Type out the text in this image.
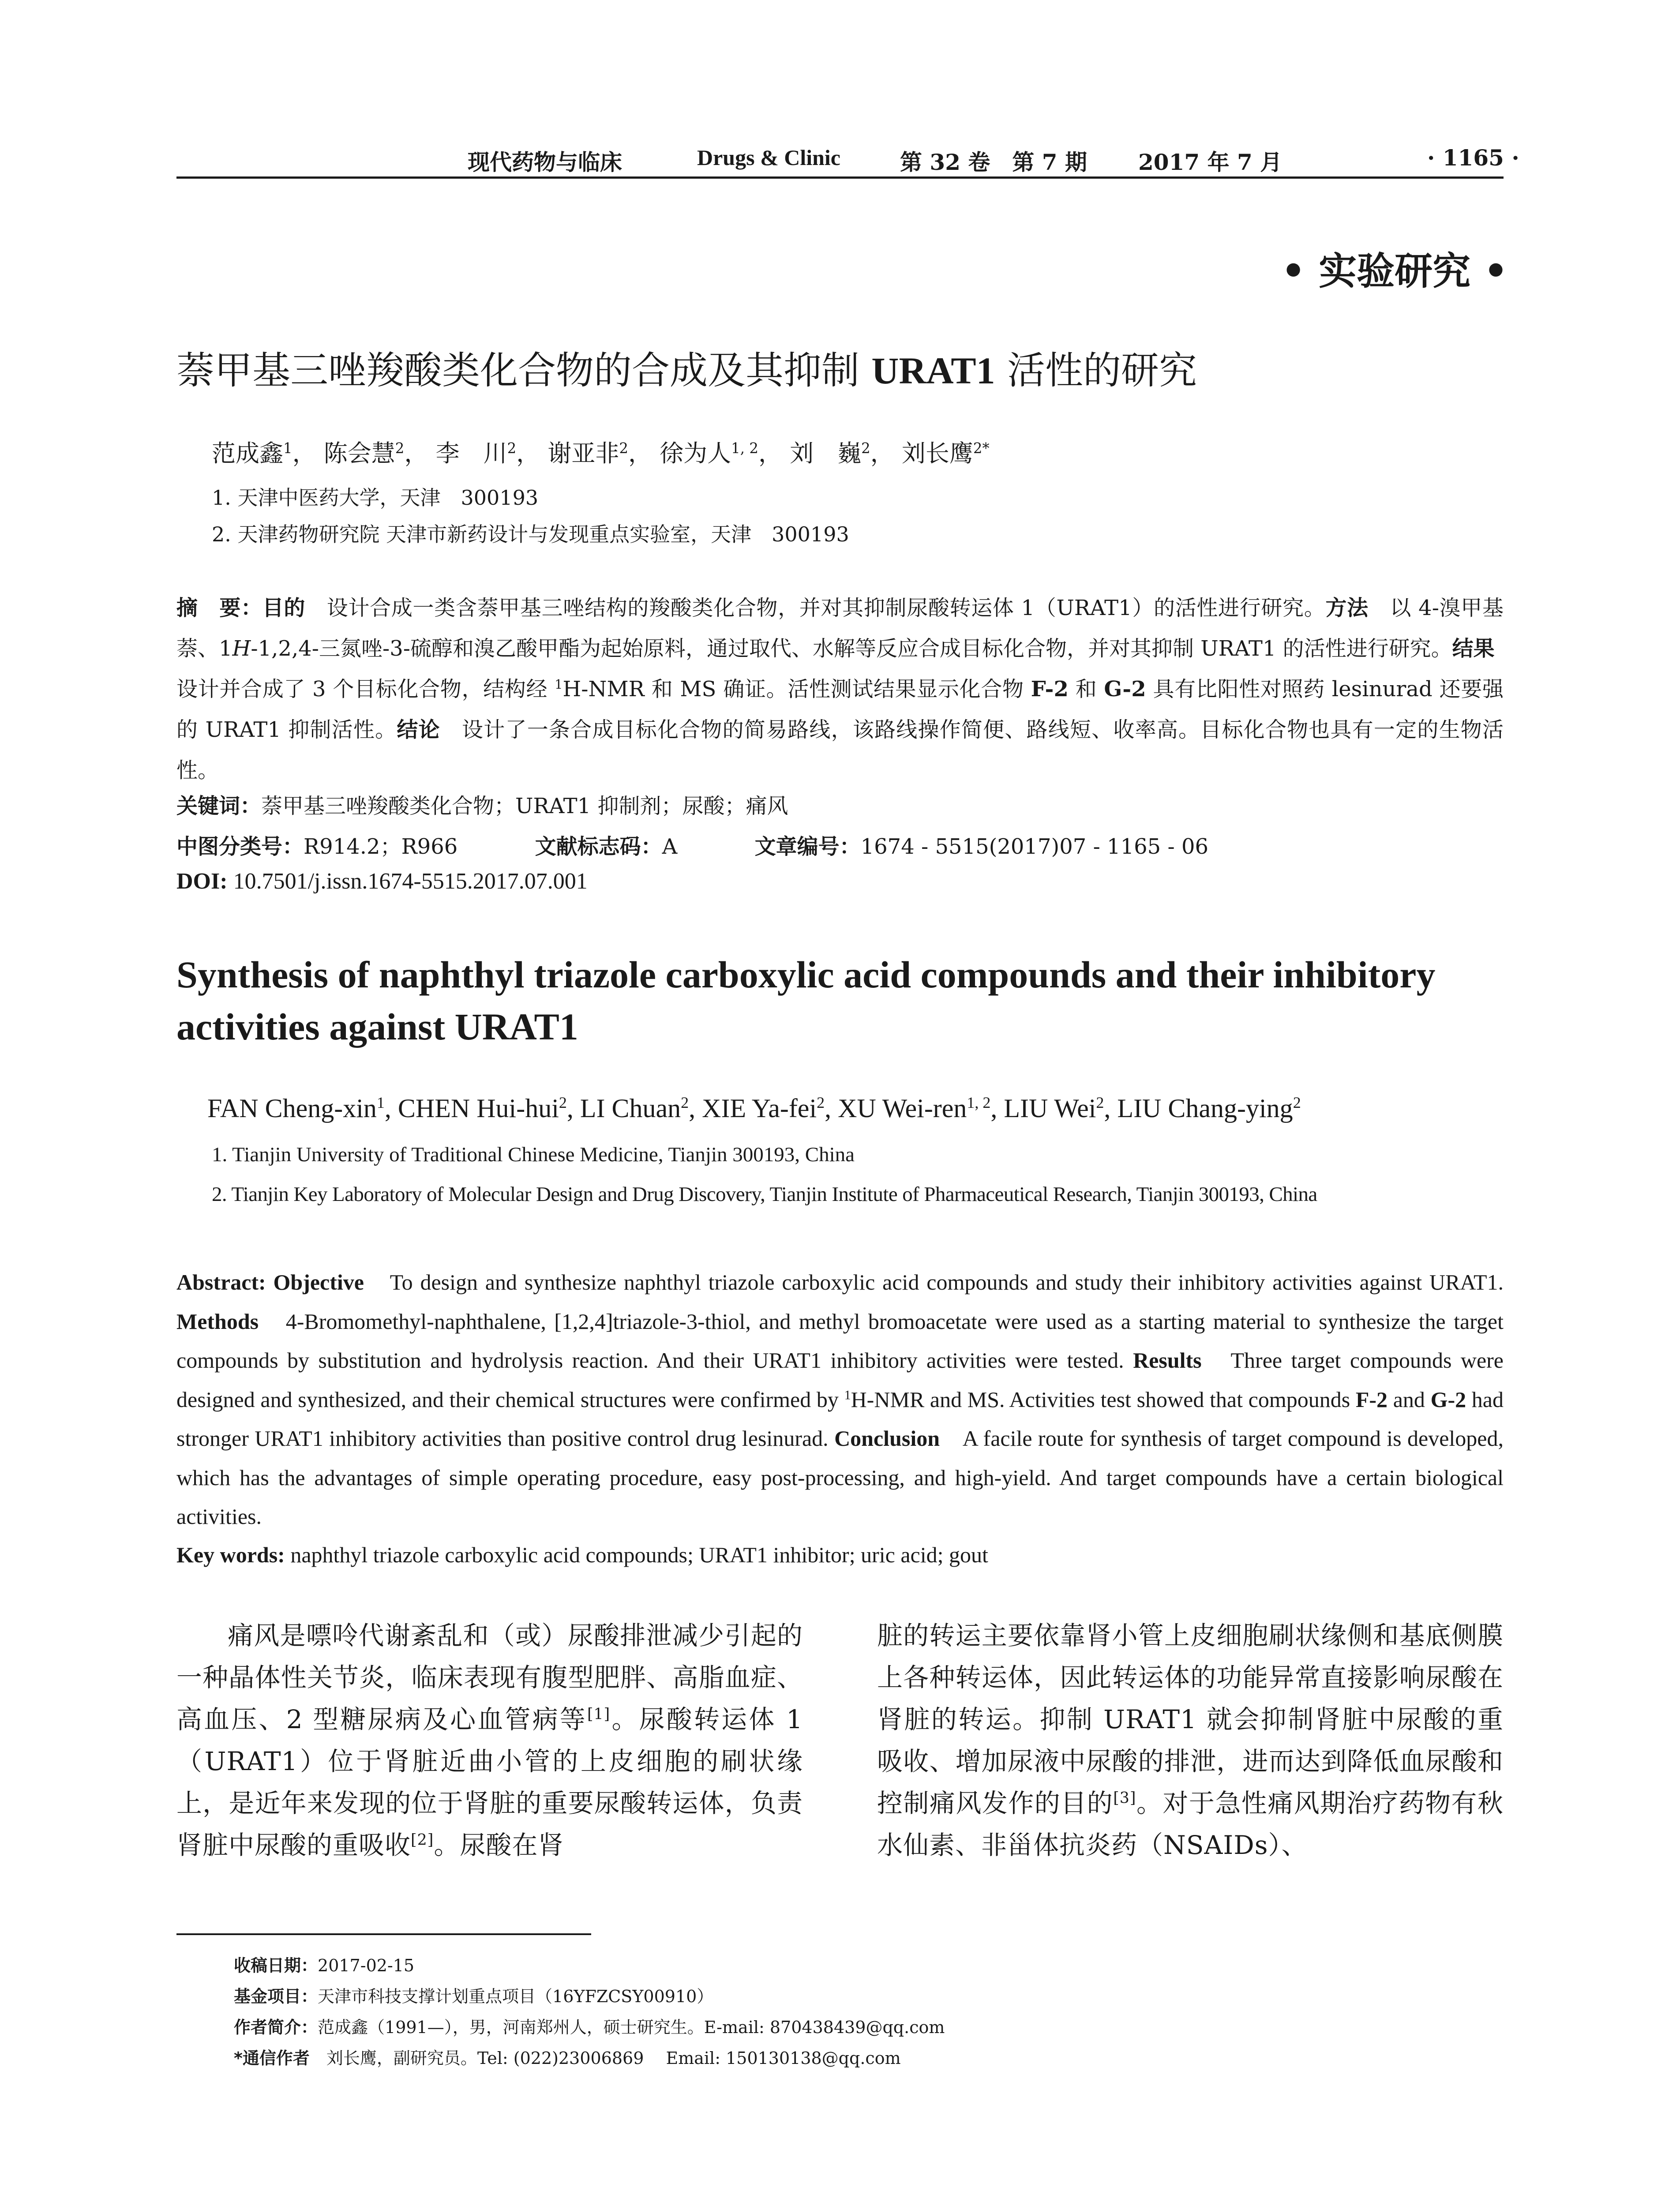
现代药物与临床	Drugs & Clinic	第 32 卷　第 7 期 2017 年 7 月	· 1165 ·
• 实验研究 •
萘甲基三唑羧酸类化合物的合成及其抑制 URAT1 活性的研究
范成鑫$^1$， 陈会慧$^2$， 李　川$^2$， 谢亚非$^2$， 徐为人$^{1, 2}$， 刘　巍$^2$， 刘长鹰$^{2*}$
1. 天津中医药大学，天津　300193
2. 天津药物研究院 天津市新药设计与发现重点实验室，天津　300193
摘　要：目的　设计合成一类含萘甲基三唑结构的羧酸类化合物，并对其抑制尿酸转运体 1（URAT1）的活性进行研究。方法　以 4-溴甲基萘、1H-1,2,4-三氮唑-3-硫醇和溴乙酸甲酯为起始原料，通过取代、水解等反应合成目标化合物，并对其抑制 URAT1 的活性进行研究。结果　设计并合成了 3 个目标化合物，结构经 $^1$H-NMR 和 MS 确证。活性测试结果显示化合物 F-2 和 G-2 具有比阳性对照药 lesinurad 还要强的 URAT1 抑制活性。结论　设计了一条合成目标化合物的简易路线，该路线操作简便、路线短、收率高。目标化合物也具有一定的生物活性。
关键词：萘甲基三唑羧酸类化合物；URAT1 抑制剂；尿酸；痛风
中图分类号：R914.2；R966	文献标志码：A	文章编号：1674 - 5515(2017)07 - 1165 - 06
DOI: 10.7501/j.issn.1674-5515.2017.07.001
Synthesis of naphthyl triazole carboxylic acid compounds and their inhibitory
activities against URAT1
FAN Cheng-xin$^1$, CHEN Hui-hui$^2$, LI Chuan$^2$, XIE Ya-fei$^2$, XU Wei-ren$^{1, 2}$, LIU Wei$^2$, LIU Chang-ying$^2$
1. Tianjin University of Traditional Chinese Medicine, Tianjin 300193, China
2. Tianjin Key Laboratory of Molecular Design and Drug Discovery, Tianjin Institute of Pharmaceutical Research, Tianjin 300193, China
Abstract: Objective　To design and synthesize naphthyl triazole carboxylic acid compounds and study their inhibitory activities against URAT1. Methods　4-Bromomethyl-naphthalene, [1,2,4]triazole-3-thiol, and methyl bromoacetate were used as a starting material to synthesize the target compounds by substitution and hydrolysis reaction. And their URAT1 inhibitory activities were tested. Results　Three target compounds were designed and synthesized, and their chemical structures were confirmed by $^1$H-NMR and MS. Activities test showed that compounds F-2 and G-2 had stronger URAT1 inhibitory activities than positive control drug lesinurad. Conclusion　A facile route for synthesis of target compound is developed, which has the advantages of simple operating procedure, easy post-processing, and high-yield. And target compounds have a certain biological activities.
Key words: naphthyl triazole carboxylic acid compounds; URAT1 inhibitor; uric acid; gout
痛风是嘌呤代谢紊乱和（或）尿酸排泄减少引起的一种晶体性关节炎，临床表现有腹型肥胖、高脂血症、高血压、2 型糖尿病及心血管病等[1]。尿酸转运体 1（URAT1）位于肾脏近曲小管的上皮细胞的刷状缘上，是近年来发现的位于肾脏的重要尿酸转运体，负责肾脏中尿酸的重吸收[2]。尿酸在肾
脏的转运主要依靠肾小管上皮细胞刷状缘侧和基底侧膜上各种转运体，因此转运体的功能异常直接影响尿酸在肾脏的转运。抑制 URAT1 就会抑制肾脏中尿酸的重吸收、增加尿液中尿酸的排泄，进而达到降低血尿酸和控制痛风发作的目的[3]。对于急性痛风期治疗药物有秋水仙素、非甾体抗炎药（NSAIDs）、
收稿日期：2017-02-15
基金项目：天津市科技支撑计划重点项目（16YFZCSY00910）
作者简介：范成鑫（1991—），男，河南郑州人，硕士研究生。E-mail: 870438439@qq.com
*通信作者　刘长鹰，副研究员。Tel: (022)23006869　 Email: 150130138@qq.com
